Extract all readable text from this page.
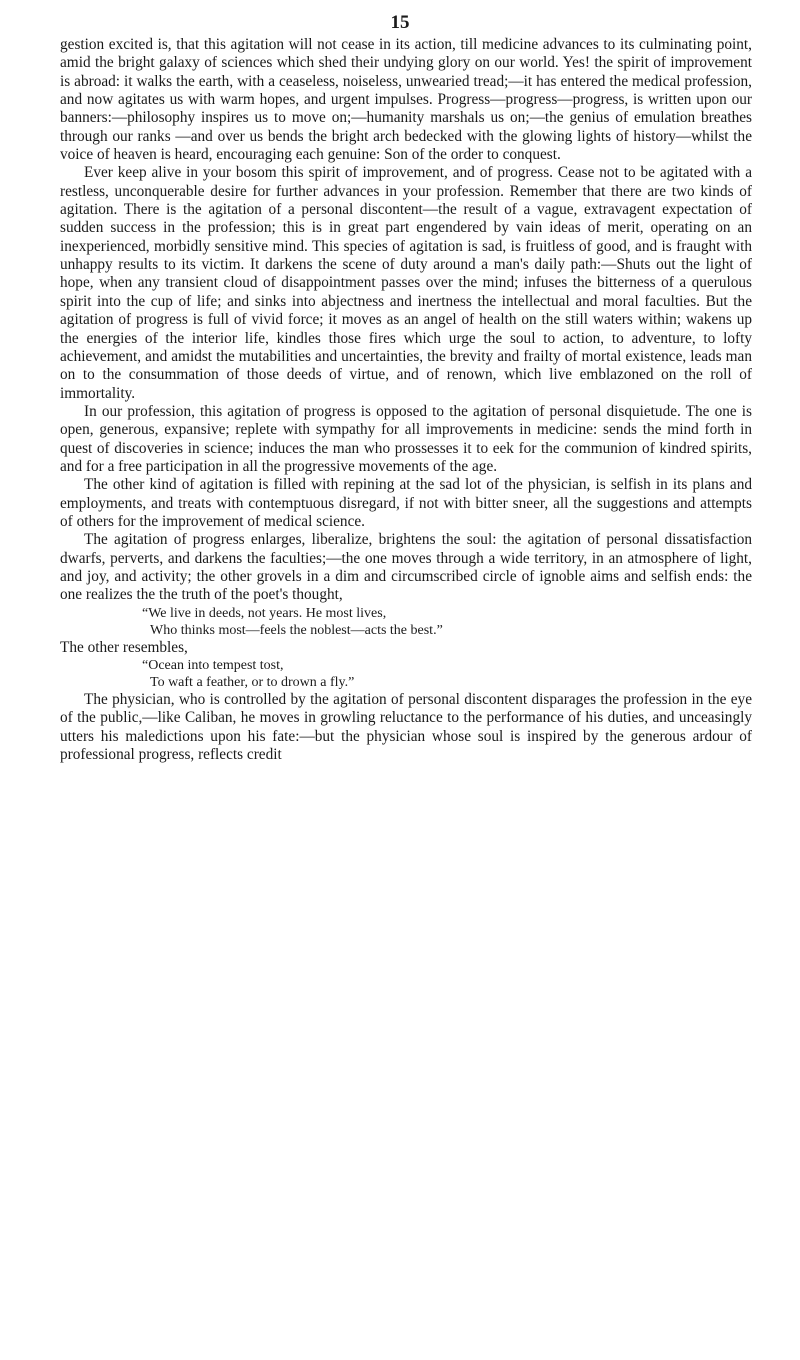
15

gestion excited is, that this agitation will not cease in its action, till medicine advances to its culminating point, amid the bright galaxy of sciences which shed their undying glory on our world. Yes! the spirit of improvement is abroad: it walks the earth, with a ceaseless, noiseless, unwearied tread;—it has entered the medical profession, and now agitates us with warm hopes, and urgent impulses. Progress—progress—progress, is written upon our banners:—philosophy inspires us to move on;—humanity marshals us on;—the genius of emulation breathes through our ranks —and over us bends the bright arch bedecked with the glowing lights of history—whilst the voice of heaven is heard, encouraging each genuine: Son of the order to conquest.

Ever keep alive in your bosom this spirit of improvement, and of progress. Cease not to be agitated with a restless, unconquerable desire for further advances in your profession. Remember that there are two kinds of agitation. There is the agitation of a personal discontent—the result of a vague, extravagent expectation of sudden success in the profession; this is in great part engendered by vain ideas of merit, operating on an inexperienced, morbidly sensitive mind. This species of agitation is sad, is fruitless of good, and is fraught with unhappy results to its victim. It darkens the scene of duty around a man's daily path:—Shuts out the light of hope, when any transient cloud of disappointment passes over the mind; infuses the bitterness of a querulous spirit into the cup of life; and sinks into abjectness and inertness the intellectual and moral faculties. But the agitation of progress is full of vivid force; it moves as an angel of health on the still waters within; wakens up the energies of the interior life, kindles those fires which urge the soul to action, to adventure, to lofty achievement, and amidst the mutabilities and uncertainties, the brevity and frailty of mortal existence, leads man on to the consummation of those deeds of virtue, and of renown, which live emblazoned on the roll of immortality.

In our profession, this agitation of progress is opposed to the agitation of personal disquietude. The one is open, generous, expansive; replete with sympathy for all improvements in medicine: sends the mind forth in quest of discoveries in science; induces the man who prossesses it to eek for the communion of kindred spirits, and for a free participation in all the progressive movements of the age.

The other kind of agitation is filled with repining at the sad lot of the physician, is selfish in its plans and employments, and treats with contemptuous disregard, if not with bitter sneer, all the suggestions and attempts of others for the improvement of medical science.

The agitation of progress enlarges, liberalize, brightens the soul: the agitation of personal dissatisfaction dwarfs, perverts, and darkens the faculties;—the one moves through a wide territory, in an atmosphere of light, and joy, and activity; the other grovels in a dim and circumscribed circle of ignoble aims and selfish ends: the one realizes the the truth of the poet's thought,

“We live in deeds, not years. He most lives,
Who thinks most—feels the noblest—acts the best.”

The other resembles,

“Ocean into tempest tost,
To waft a feather, or to drown a fly.”

The physician, who is controlled by the agitation of personal discontent disparages the profession in the eye of the public,—like Caliban, he moves in growling reluctance to the performance of his duties, and unceasingly utters his maledictions upon his fate:—but the physician whose soul is inspired by the generous ardour of professional progress, reflects credit
